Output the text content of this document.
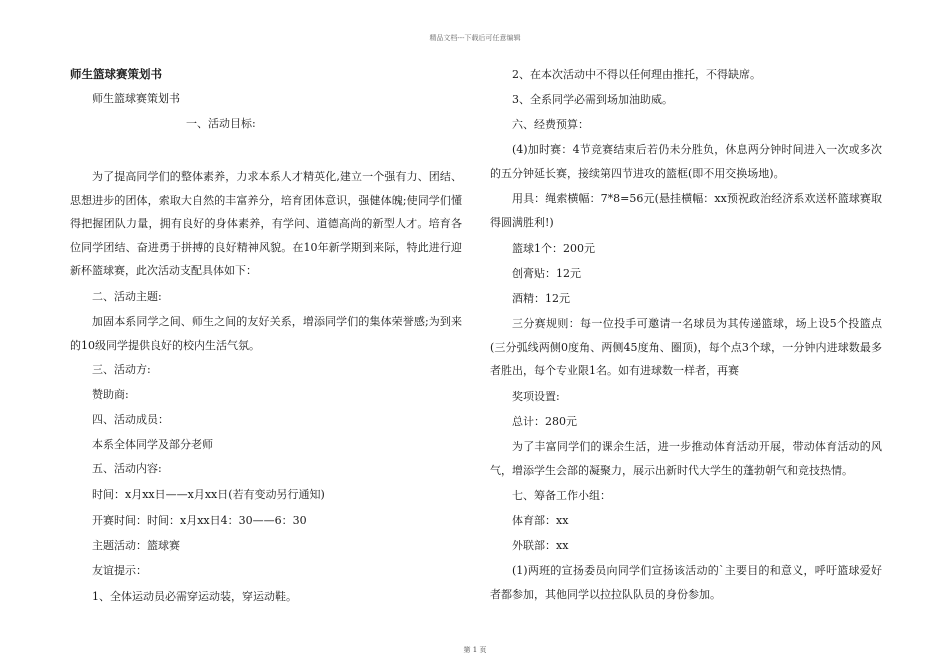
精品文档---下载后可任意编辑
师生篮球赛策划书
师生篮球赛策划书
一、活动目标:
为了提高同学们的整体素养，力求本系人才精英化,建立一个强有力、团结、思想进步的团体，索取大自然的丰富养分，培育团体意识，强健体魄;使同学们懂得把握团队力量，拥有良好的身体素养，有学问、道德高尚的新型人才。培育各位同学团结、奋进勇于拼搏的良好精神风貌。在10年新学期到来际，特此进行迎新杯篮球赛，此次活动支配具体如下：
二、活动主题:
加固本系同学之间、师生之间的友好关系，增添同学们的集体荣誉感;为到来的10级同学提供良好的校内生活气氛。
三、活动方:
赞助商:
四、活动成员：
本系全体同学及部分老师
五、活动内容:
时间：x月xx日——x月xx日(若有变动另行通知)
开赛时间：时间：x月xx日4：30——6：30
主题活动：篮球赛
友谊提示：
1、全体运动员必需穿运动装，穿运动鞋。
2、在本次活动中不得以任何理由推托，不得缺席。
3、全系同学必需到场加油助威。
六、经费预算：
(4)加时赛：4节竞赛结束后若仍未分胜负，休息两分钟时间进入一次或多次的五分钟延长赛，接续第四节进攻的篮框(即不用交换场地)。
用具：绳索横幅：7*8=56元(悬挂横幅：xx预祝政治经济系欢送杯篮球赛取得圆满胜利!)
篮球1个：200元
创膏贴：12元
酒精：12元
三分赛规则：每一位投手可邀请一名球员为其传递篮球，场上设5个投篮点(三分弧线两侧0度角、两侧45度角、圈顶)，每个点3个球，一分钟内进球数最多者胜出，每个专业限1名。如有进球数一样者，再赛
奖项设置:
总计：280元
为了丰富同学们的课余生活，进一步推动体育活动开展，带动体育活动的风气，增添学生会部的凝聚力，展示出新时代大学生的蓬勃朝气和竞技热情。
七、筹备工作小组：
体育部：xx
外联部：xx
(1)两班的宣扬委员向同学们宣扬该活动的`主要目的和意义，呼吁篮球爱好者都参加，其他同学以拉拉队队员的身份参加。
第 1 页
